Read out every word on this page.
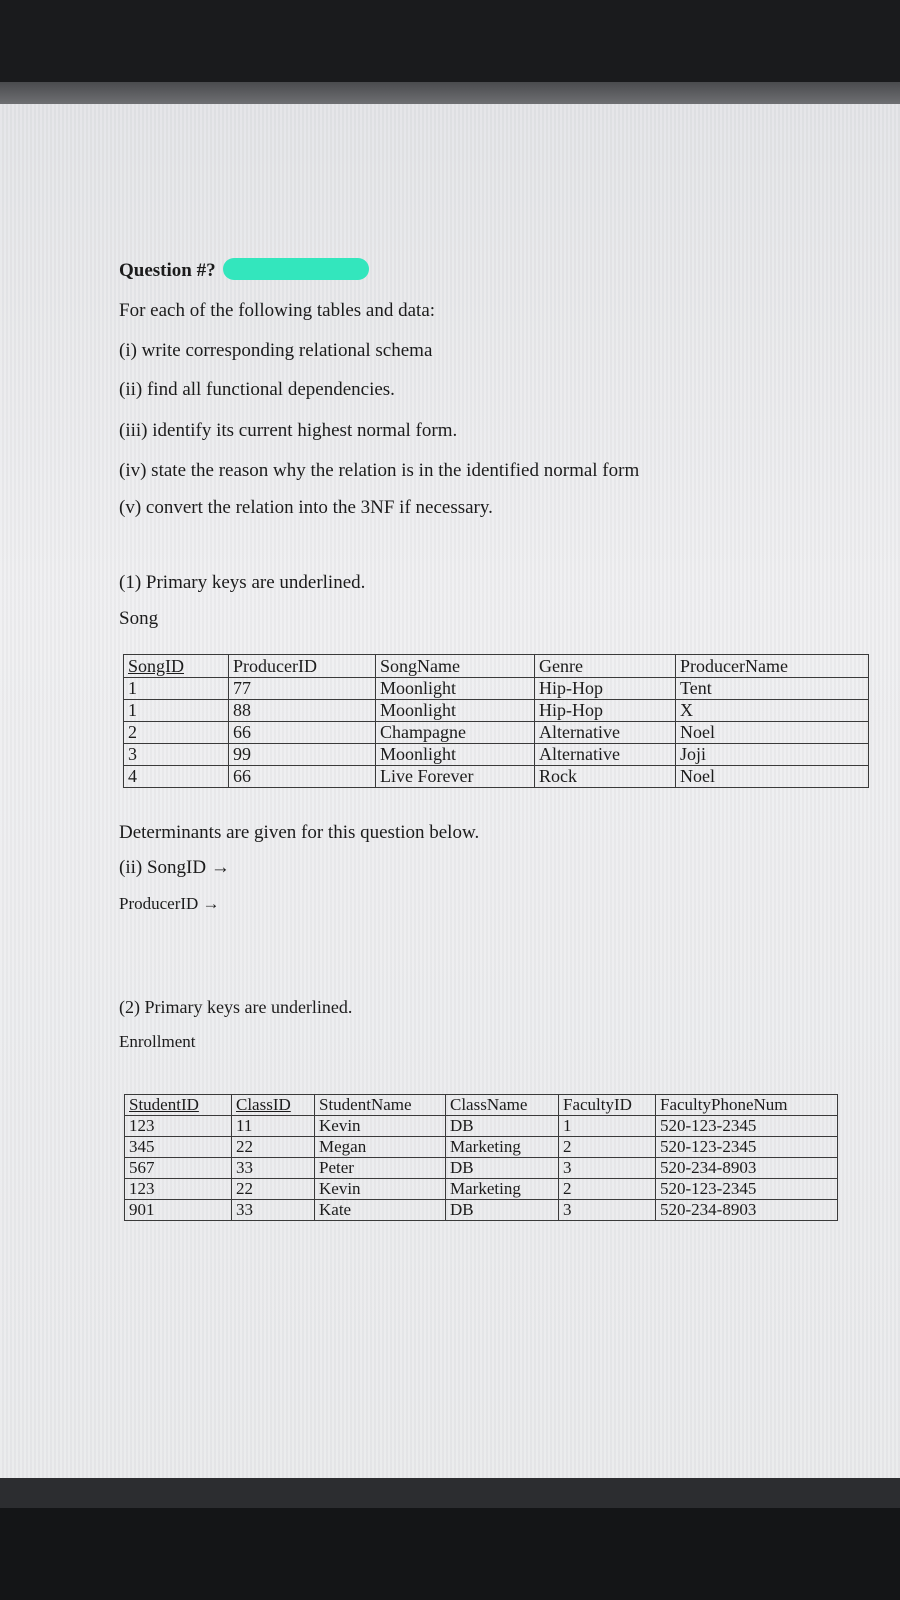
Question #?
For each of the following tables and data:
(i) write corresponding relational schema
(ii) find all functional dependencies.
(iii) identify its current highest normal form.
(iv) state the reason why the relation is in the identified normal form
(v) convert the relation into the 3NF if necessary.
(1) Primary keys are underlined.
Song
SongID	ProducerID	SongName	Genre	ProducerName
1	77	Moonlight	Hip-Hop	Tent
1	88	Moonlight	Hip-Hop	X
2	66	Champagne	Alternative	Noel
3	99	Moonlight	Alternative	Joji
4	66	Live Forever	Rock	Noel
Determinants are given for this question below.
(ii) SongID →
ProducerID →
(2) Primary keys are underlined.
Enrollment
StudentID	ClassID	StudentName	ClassName	FacultyID	FacultyPhoneNum
123	11	Kevin	DB	1	520-123-2345
345	22	Megan	Marketing	2	520-123-2345
567	33	Peter	DB	3	520-234-8903
123	22	Kevin	Marketing	2	520-123-2345
901	33	Kate	DB	3	520-234-8903
